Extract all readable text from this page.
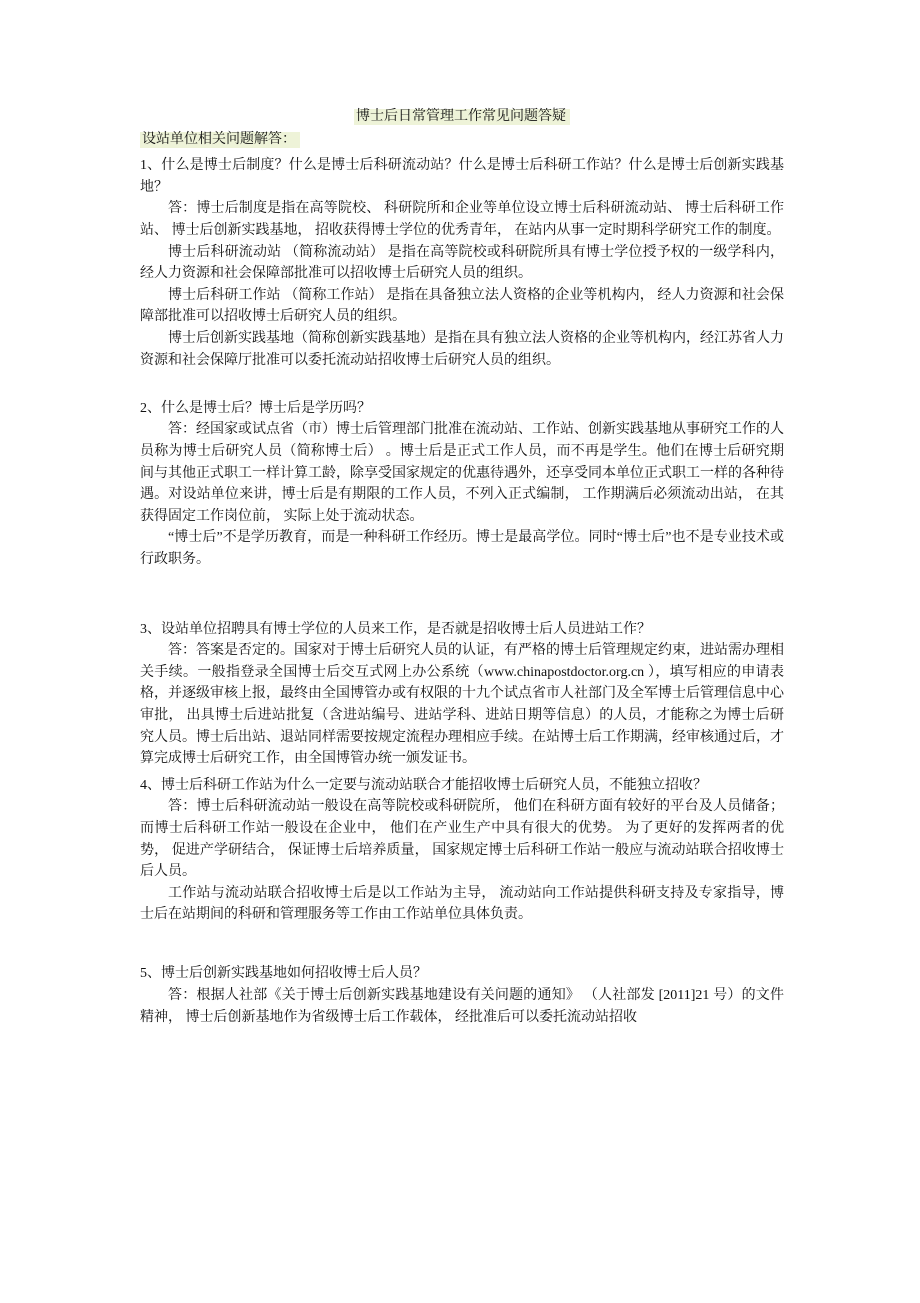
博士后日常管理工作常见问题答疑

设站单位相关问题解答：

1、什么是博士后制度？什么是博士后科研流动站？什么是博士后科研工作站？什么是博士后创新实践基地？

答：博士后制度是指在高等院校、 科研院所和企业等单位设立博士后科研流动站、 博士后科研工作站、 博士后创新实践基地， 招收获得博士学位的优秀青年， 在站内从事一定时期科学研究工作的制度。

博士后科研流动站 （简称流动站） 是指在高等院校或科研院所具有博士学位授予权的一级学科内，经人力资源和社会保障部批准可以招收博士后研究人员的组织。

博士后科研工作站 （简称工作站） 是指在具备独立法人资格的企业等机构内， 经人力资源和社会保障部批准可以招收博士后研究人员的组织。

博士后创新实践基地（简称创新实践基地）是指在具有独立法人资格的企业等机构内，经江苏省人力资源和社会保障厅批准可以委托流动站招收博士后研究人员的组织。

2、什么是博士后？博士后是学历吗？

答：经国家或试点省（市）博士后管理部门批准在流动站、工作站、创新实践基地从事研究工作的人员称为博士后研究人员（简称博士后） 。博士后是正式工作人员，而不再是学生。他们在博士后研究期间与其他正式职工一样计算工龄，除享受国家规定的优惠待遇外，还享受同本单位正式职工一样的各种待遇。对设站单位来讲，博士后是有期限的工作人员，不列入正式编制， 工作期满后必须流动出站， 在其获得固定工作岗位前， 实际上处于流动状态。

“博士后”不是学历教育，而是一种科研工作经历。博士是最高学位。同时“博士后”也不是专业技术或行政职务。

3、设站单位招聘具有博士学位的人员来工作，是否就是招收博士后人员进站工作？

答：答案是否定的。国家对于博士后研究人员的认证，有严格的博士后管理规定约束，进站需办理相关手续。一般指登录全国博士后交互式网上办公系统（www.chinapostdoctor.org.cn ），填写相应的申请表格，并逐级审核上报，最终由全国博管办或有权限的十九个试点省市人社部门及全军博士后管理信息中心审批， 出具博士后进站批复（含进站编号、进站学科、进站日期等信息）的人员，才能称之为博士后研究人员。博士后出站、退站同样需要按规定流程办理相应手续。在站博士后工作期满，经审核通过后，才算完成博士后研究工作，由全国博管办统一颁发证书。

4、博士后科研工作站为什么一定要与流动站联合才能招收博士后研究人员，不能独立招收？

答：博士后科研流动站一般设在高等院校或科研院所， 他们在科研方面有较好的平台及人员储备； 而博士后科研工作站一般设在企业中， 他们在产业生产中具有很大的优势。 为了更好的发挥两者的优势， 促进产学研结合， 保证博士后培养质量， 国家规定博士后科研工作站一般应与流动站联合招收博士后人员。

工作站与流动站联合招收博士后是以工作站为主导， 流动站向工作站提供科研支持及专家指导，博士后在站期间的科研和管理服务等工作由工作站单位具体负责。

5、博士后创新实践基地如何招收博士后人员？

答：根据人社部《关于博士后创新实践基地建设有关问题的通知》 （人社部发 [2011]21 号）的文件精神， 博士后创新基地作为省级博士后工作载体， 经批准后可以委托流动站招收
